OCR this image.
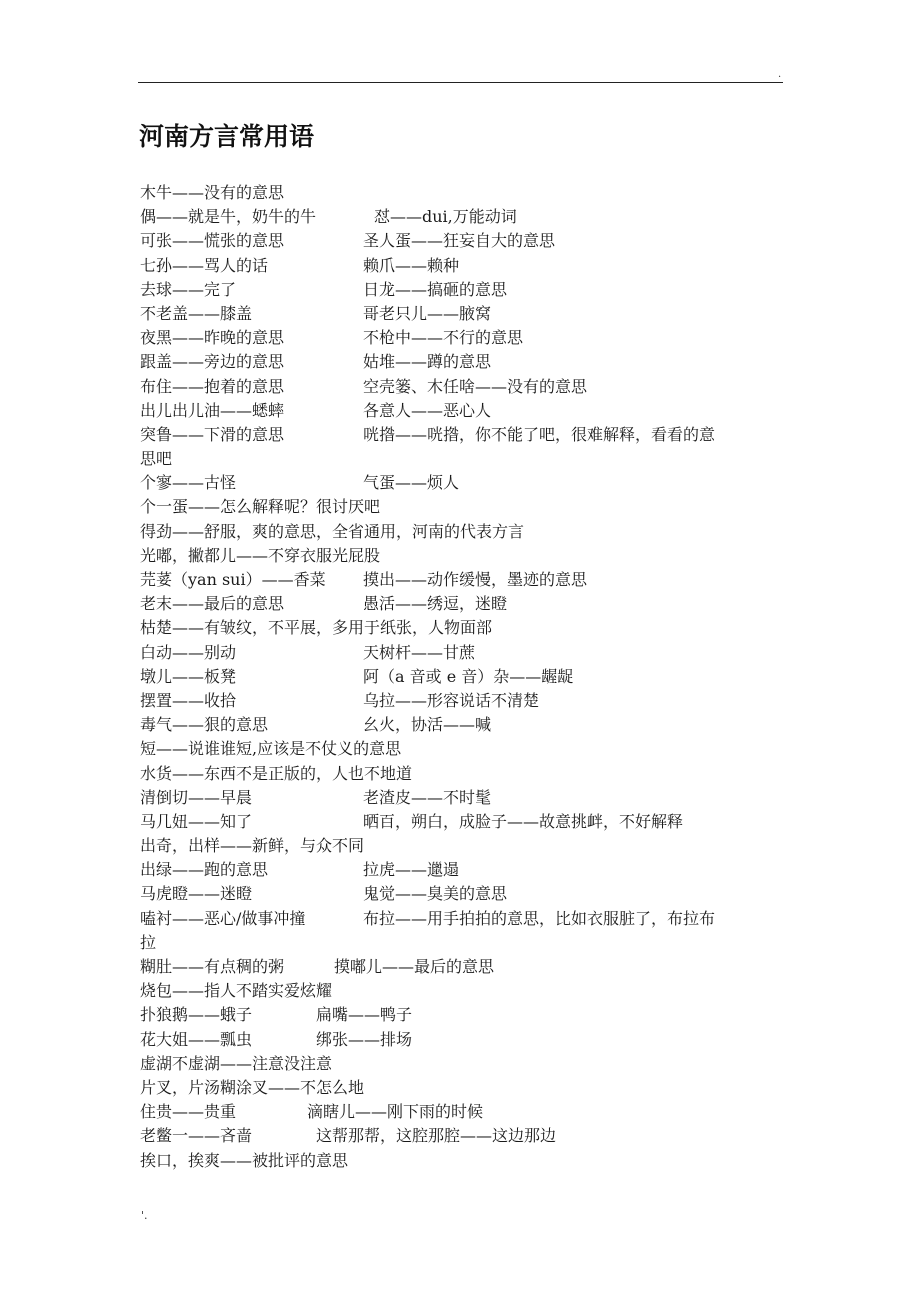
.
河南方言常用语
木牛——没有的意思
偶——就是牛，奶牛的牛	怼——dui,万能动词
可张——慌张的意思	圣人蛋——狂妄自大的意思
七孙——骂人的话	赖爪——赖种
去球——完了	日龙——搞砸的意思
不老盖——膝盖	哥老只儿——腋窝
夜黑——昨晚的意思	不枪中——不行的意思
跟盖——旁边的意思	姑堆——蹲的意思
布住——抱着的意思	空壳篓、木任啥——没有的意思
出儿出儿油——蟋蟀	各意人——恶心人
突鲁——下滑的意思	咣揝——咣揝，你不能了吧，很难解释，看看的意
思吧
个寥——古怪	气蛋——烦人
个一蛋——怎么解释呢？很讨厌吧
得劲——舒服，爽的意思，全省通用，河南的代表方言
光嘟，撇都儿——不穿衣服光屁股
芫荽（yan sui）——香菜 摸出——动作缓慢，墨迹的意思
老末——最后的意思	愚活——绣逗，迷瞪
枯楚——有皱纹，不平展，多用于纸张，人物面部
白动——别动	天树杆——甘蔗
墩儿——板凳	阿（a 音或 e 音）杂——龌龊
摆置——收拾	乌拉——形容说话不清楚
毒气——狠的意思	幺火，协活——喊
短——说谁谁短,应该是不仗义的意思
水货——东西不是正版的，人也不地道
清倒切——早晨	老渣皮——不时髦
马几妞——知了	晒百，朔白，成脸子——故意挑衅，不好解释
出奇，出样——新鲜，与众不同
出绿——跑的意思	拉虎——邋遢
马虎瞪——迷瞪	鬼觉——臭美的意思
嗑衬——恶心/做事冲撞	布拉——用手拍拍的意思，比如衣服脏了，布拉布
拉
糊肚——有点稠的粥	摸嘟儿——最后的意思
烧包——指人不踏实爱炫耀
扑狼鹅——蛾子	扁嘴——鸭子
花大姐——瓢虫	绑张——排场
虚湖不虚湖——注意没注意
片叉，片汤糊涂叉——不怎么地
住贵——贵重	滴瞎儿——刚下雨的时候
老鳖一——吝啬	这帮那帮，这腔那腔——这边那边
挨口，挨爽——被批评的意思
'.
